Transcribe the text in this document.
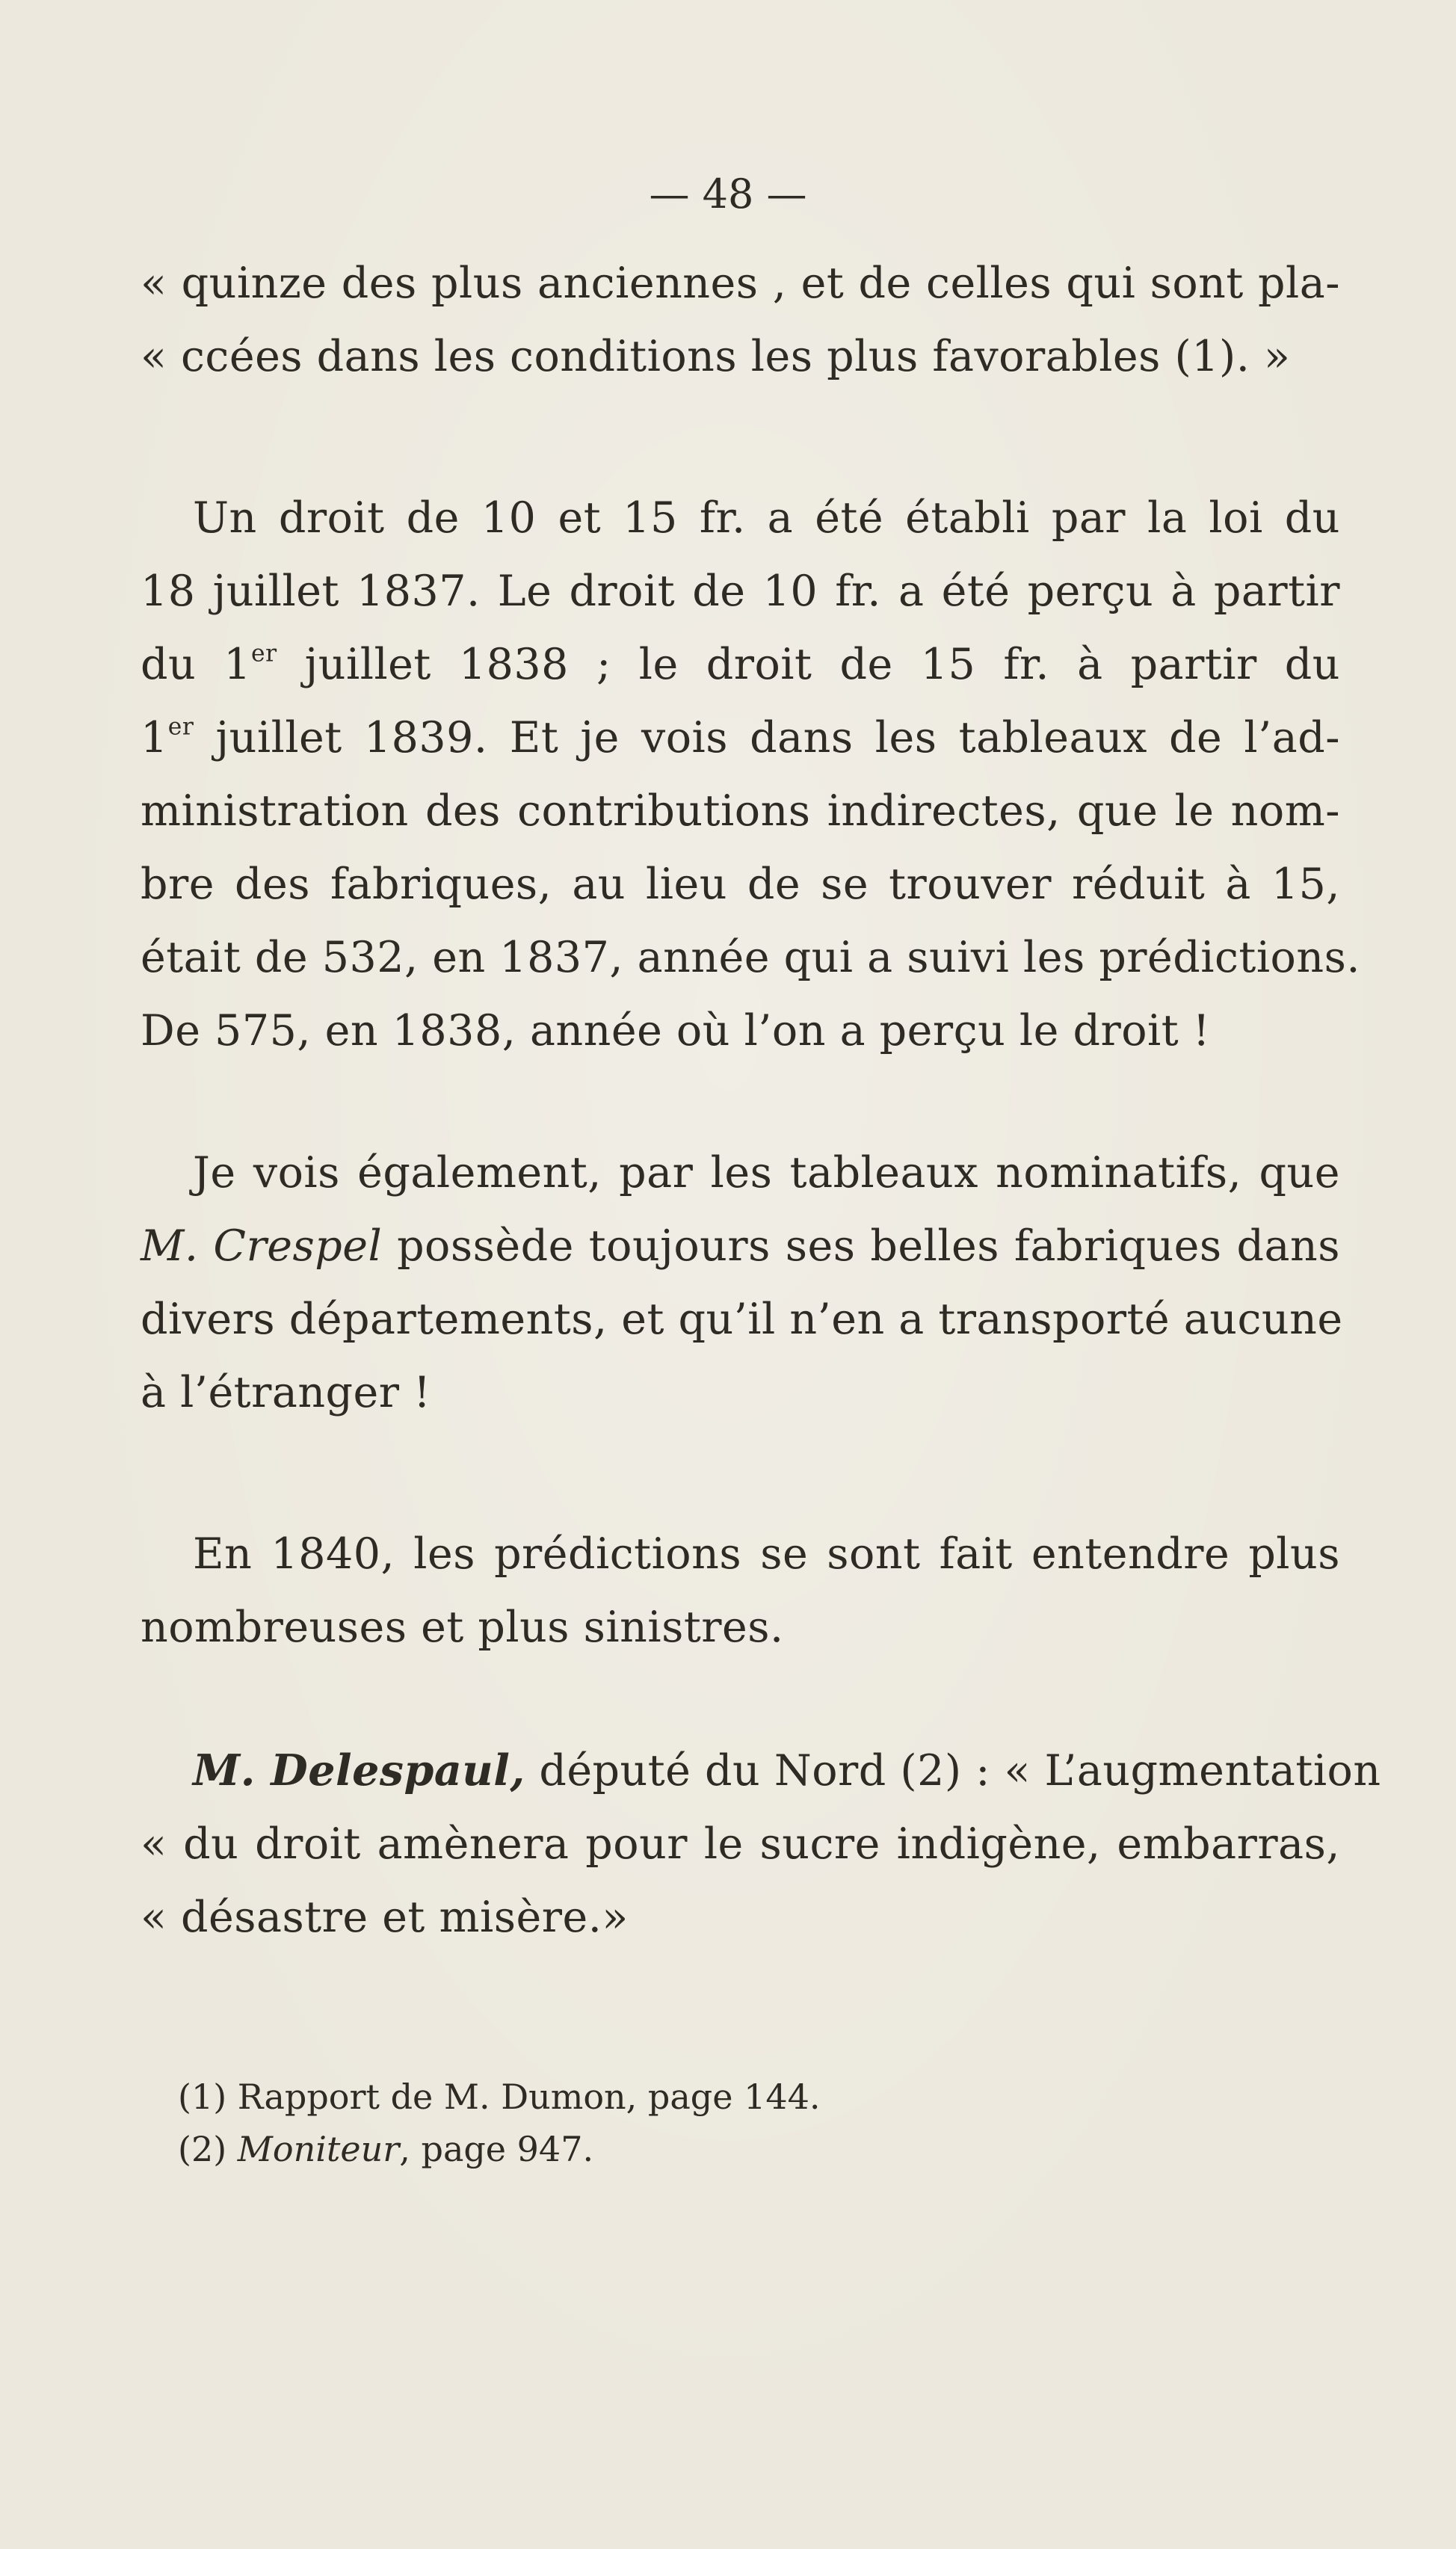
— 48 —
« quinze des plus anciennes , et de celles qui sont pla-
« ccées dans les conditions les plus favorables (1). »
Un droit de 10 et 15 fr. a été établi par la loi du
18 juillet 1837. Le droit de 10 fr. a été perçu à partir
du 1er juillet 1838 ; le droit de 15 fr. à partir du
1er juillet 1839. Et je vois dans les tableaux de l’ad-
ministration des contributions indirectes, que le nom-
bre des fabriques, au lieu de se trouver réduit à 15,
était de 532, en 1837, année qui a suivi les prédictions.
De 575, en 1838, année où l’on a perçu le droit !
Je vois également, par les tableaux nominatifs, que
M. Crespel possède toujours ses belles fabriques dans
divers départements, et qu’il n’en a transporté aucune
à l’étranger !
En 1840, les prédictions se sont fait entendre plus
nombreuses et plus sinistres.
M. Delespaul, député du Nord (2) : « L’augmentation
« du droit amènera pour le sucre indigène, embarras,
« désastre et misère.»
(1) Rapport de M. Dumon, page 144.
(2) Moniteur, page 947.
